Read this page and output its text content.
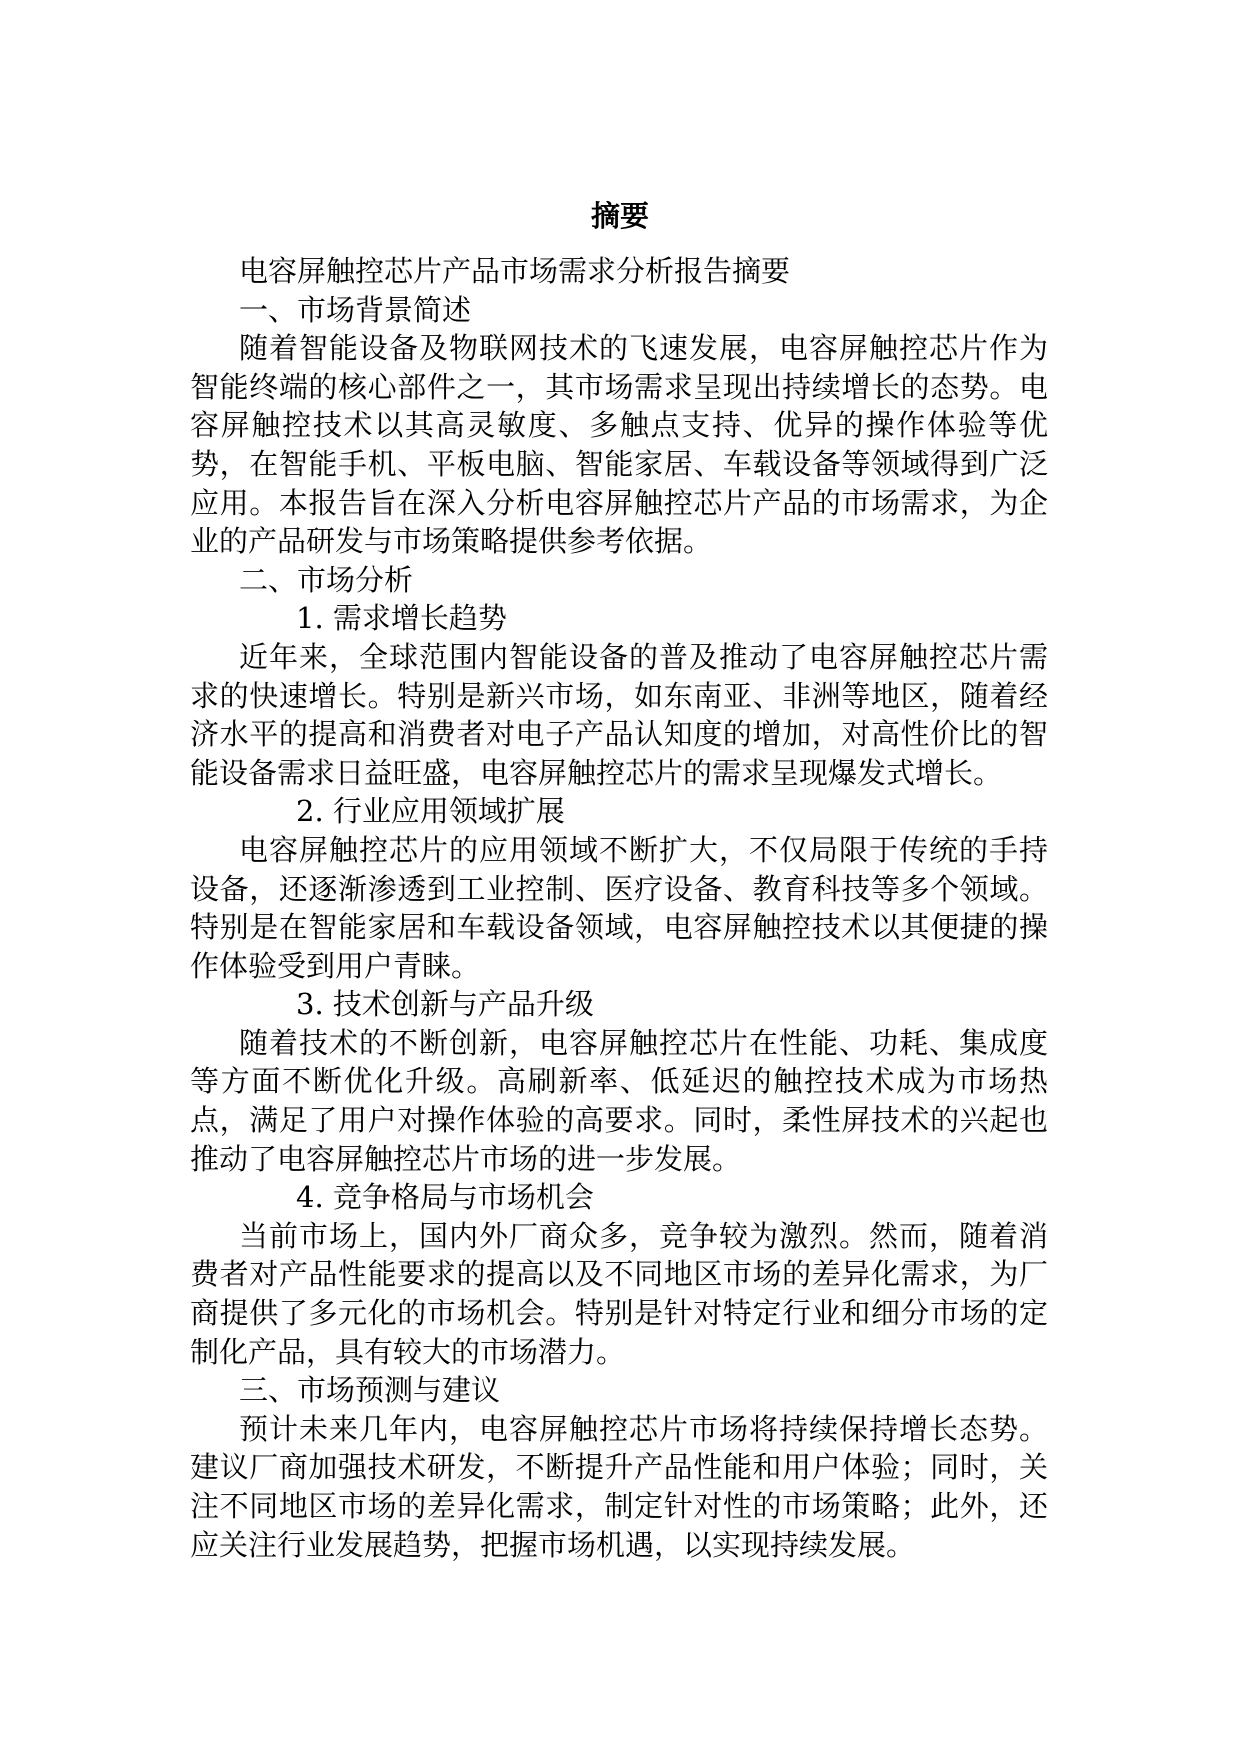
摘要

电容屏触控芯片产品市场需求分析报告摘要

一、市场背景简述

随着智能设备及物联网技术的飞速发展，电容屏触控芯片作为智能终端的核心部件之一，其市场需求呈现出持续增长的态势。电容屏触控技术以其高灵敏度、多触点支持、优异的操作体验等优势，在智能手机、平板电脑、智能家居、车载设备等领域得到广泛应用。本报告旨在深入分析电容屏触控芯片产品的市场需求，为企业的产品研发与市场策略提供参考依据。

二、市场分析

1. 需求增长趋势

近年来，全球范围内智能设备的普及推动了电容屏触控芯片需求的快速增长。特别是新兴市场，如东南亚、非洲等地区，随着经济水平的提高和消费者对电子产品认知度的增加，对高性价比的智能设备需求日益旺盛，电容屏触控芯片的需求呈现爆发式增长。

2. 行业应用领域扩展

电容屏触控芯片的应用领域不断扩大，不仅局限于传统的手持设备，还逐渐渗透到工业控制、医疗设备、教育科技等多个领域。特别是在智能家居和车载设备领域，电容屏触控技术以其便捷的操作体验受到用户青睐。

3. 技术创新与产品升级

随着技术的不断创新，电容屏触控芯片在性能、功耗、集成度等方面不断优化升级。高刷新率、低延迟的触控技术成为市场热点，满足了用户对操作体验的高要求。同时，柔性屏技术的兴起也推动了电容屏触控芯片市场的进一步发展。

4. 竞争格局与市场机会

当前市场上，国内外厂商众多，竞争较为激烈。然而，随着消费者对产品性能要求的提高以及不同地区市场的差异化需求，为厂商提供了多元化的市场机会。特别是针对特定行业和细分市场的定制化产品，具有较大的市场潜力。

三、市场预测与建议

预计未来几年内，电容屏触控芯片市场将持续保持增长态势。建议厂商加强技术研发，不断提升产品性能和用户体验；同时，关注不同地区市场的差异化需求，制定针对性的市场策略；此外，还应关注行业发展趋势，把握市场机遇，以实现持续发展。
